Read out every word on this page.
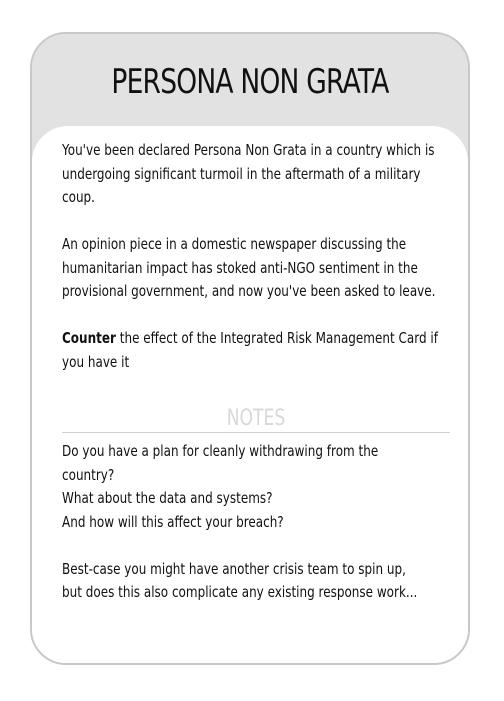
PERSONA NON GRATA
You've been declared Persona Non Grata in a country which is
undergoing significant turmoil in the aftermath of a military
coup.
An opinion piece in a domestic newspaper discussing the
humanitarian impact has stoked anti-NGO sentiment in the
provisional government, and now you've been asked to leave.
Counter the effect of the Integrated Risk Management Card if
you have it
NOTES
Do you have a plan for cleanly withdrawing from the
country?
What about the data and systems?
And how will this affect your breach?
Best-case you might have another crisis team to spin up,
but does this also complicate any existing response work...
